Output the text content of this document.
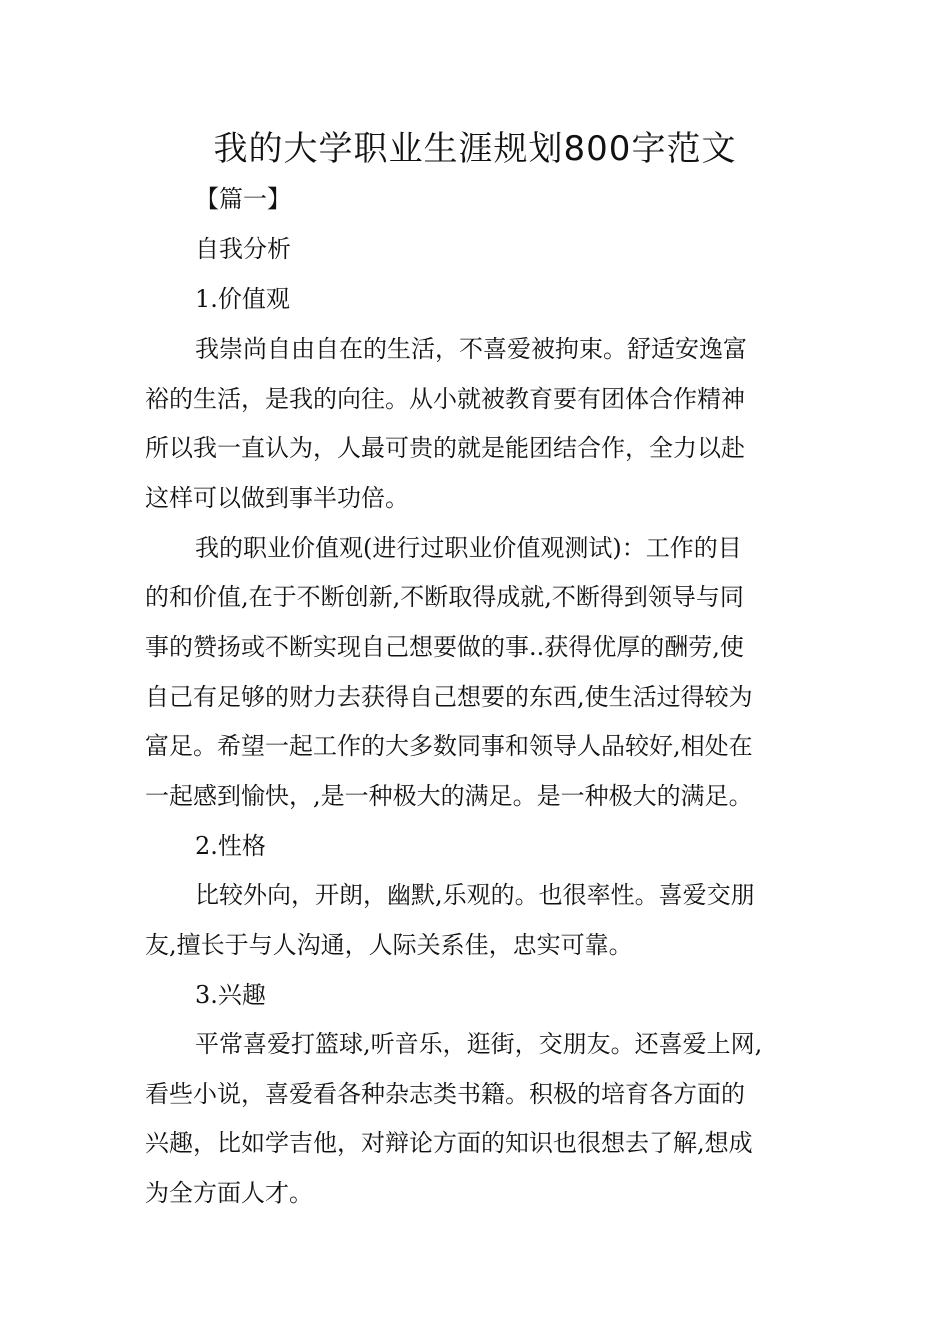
我的大学职业生涯规划800字范文

【篇一】

自我分析

1.价值观

我崇尚自由自在的生活，不喜爱被拘束。舒适安逸富

裕的生活，是我的向往。从小就被教育要有团体合作精神

所以我一直认为，人最可贵的就是能团结合作，全力以赴

这样可以做到事半功倍。

我的职业价值观(进行过职业价值观测试)：工作的目

的和价值,在于不断创新,不断取得成就,不断得到领导与同

事的赞扬或不断实现自己想要做的事..获得优厚的酬劳,使

自己有足够的财力去获得自己想要的东西,使生活过得较为

富足。希望一起工作的大多数同事和领导人品较好,相处在

一起感到愉快，,是一种极大的满足。是一种极大的满足。

2.性格

比较外向，开朗，幽默,乐观的。也很率性。喜爱交朋

友,擅长于与人沟通，人际关系佳，忠实可靠。

3.兴趣

平常喜爱打篮球,听音乐，逛街，交朋友。还喜爱上网,

看些小说，喜爱看各种杂志类书籍。积极的培育各方面的

兴趣，比如学吉他，对辩论方面的知识也很想去了解,想成

为全方面人才。
